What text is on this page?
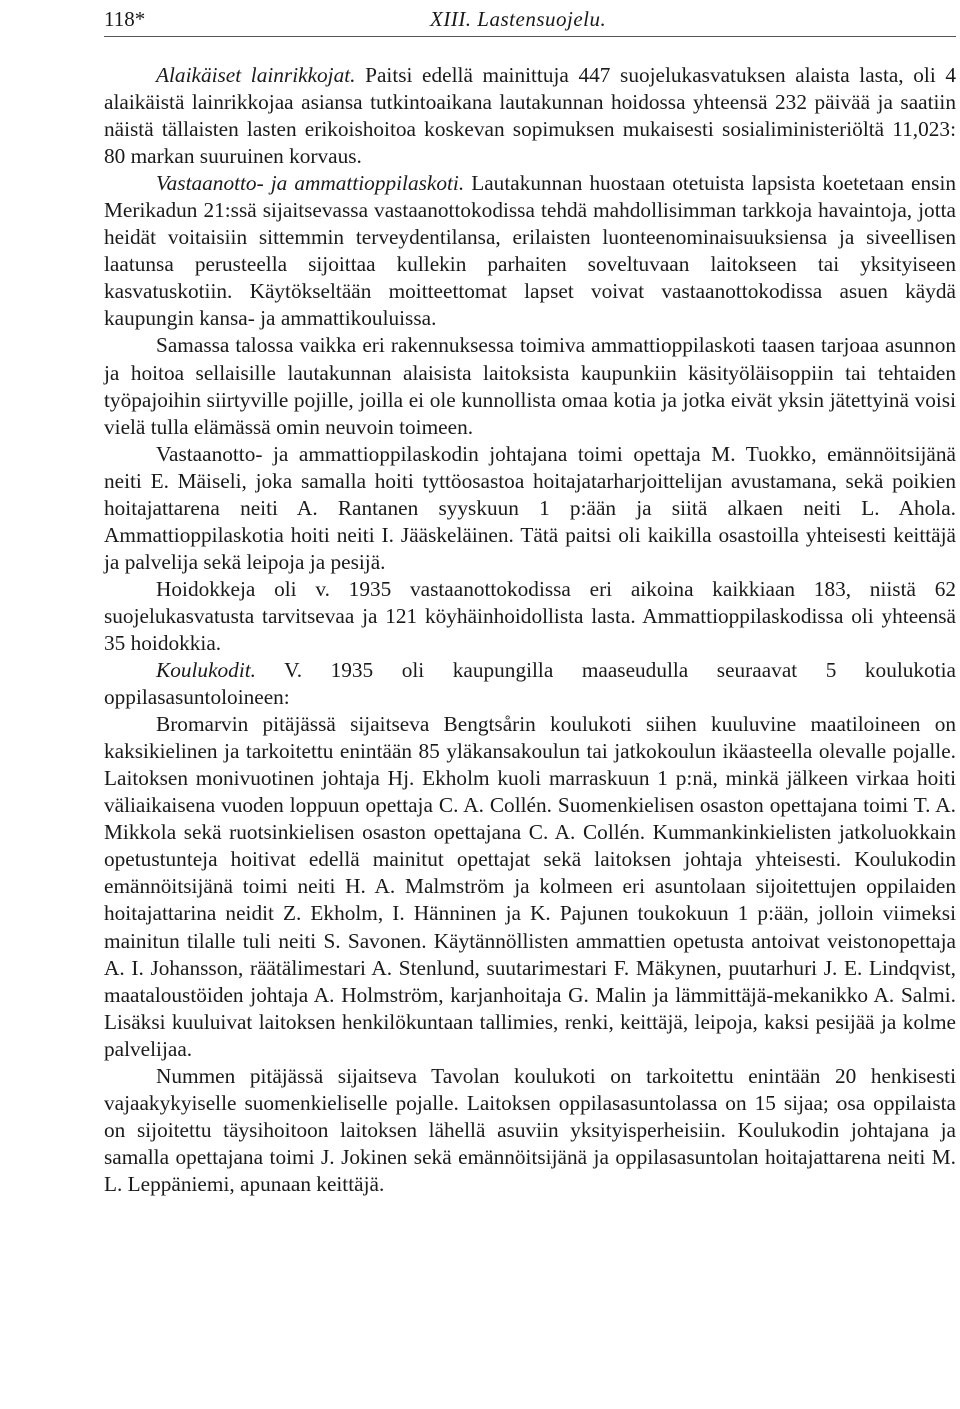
118*	XIII. Lastensuojelu.

Alaikäiset lainrikkojat. Paitsi edellä mainittuja 447 suojelukasvatuksen alaista lasta, oli 4 alaikäistä lainrikkojaa asiansa tutkintoaikana lautakunnan hoidossa yhteensä 232 päivää ja saatiin näistä tällaisten lasten erikoishoitoa koskevan sopimuksen mukaisesti sosialiministeriöltä 11,023: 80 markan suuruinen korvaus.

Vastaanotto- ja ammattioppilaskoti. Lautakunnan huostaan otetuista lapsista koetetaan ensin Merikadun 21:ssä sijaitsevassa vastaanottokodissa tehdä mahdollisimman tarkkoja havaintoja, jotta heidät voitaisiin sittemmin terveydentilansa, erilaisten luonteenominaisuuksiensa ja siveellisen laatunsa perusteella sijoittaa kullekin parhaiten soveltuvaan laitokseen tai yksityiseen kasvatuskotiin. Käytökseltään moitteettomat lapset voivat vastaanottokodissa asuen käydä kaupungin kansa- ja ammattikouluissa.

Samassa talossa vaikka eri rakennuksessa toimiva ammattioppilaskoti taasen tarjoaa asunnon ja hoitoa sellaisille lautakunnan alaisista laitoksista kaupunkiin käsityöläisoppiin tai tehtaiden työpajoihin siirtyville pojille, joilla ei ole kunnollista omaa kotia ja jotka eivät yksin jätettyinä voisi vielä tulla elämässä omin neuvoin toimeen.

Vastaanotto- ja ammattioppilaskodin johtajana toimi opettaja M. Tuokko, emännöitsijänä neiti E. Mäiseli, joka samalla hoiti tyttöosastoa hoitajatarharjoittelijan avustamana, sekä poikien hoitajattarena neiti A. Rantanen syyskuun 1 p:ään ja siitä alkaen neiti L. Ahola. Ammattioppilaskotia hoiti neiti I. Jääskeläinen. Tätä paitsi oli kaikilla osastoilla yhteisesti keittäjä ja palvelija sekä leipoja ja pesijä.

Hoidokkeja oli v. 1935 vastaanottokodissa eri aikoina kaikkiaan 183, niistä 62 suojelukasvatusta tarvitsevaa ja 121 köyhäinhoidollista lasta. Ammattioppilaskodissa oli yhteensä 35 hoidokkia.

Koulukodit. V. 1935 oli kaupungilla maaseudulla seuraavat 5 koulukotia oppilasasuntoloineen:

Bromarvin pitäjässä sijaitseva Bengtsårin koulukoti siihen kuuluvine maatiloineen on kaksikielinen ja tarkoitettu enintään 85 yläkansakoulun tai jatkokoulun ikäasteella olevalle pojalle. Laitoksen monivuotinen johtaja Hj. Ekholm kuoli marraskuun 1 p:nä, minkä jälkeen virkaa hoiti väliaikaisena vuoden loppuun opettaja C. A. Collén. Suomenkielisen osaston opettajana toimi T. A. Mikkola sekä ruotsinkielisen osaston opettajana C. A. Collén. Kummankinkielisten jatkoluokkain opetustunteja hoitivat edellä mainitut opettajat sekä laitoksen johtaja yhteisesti. Koulukodin emännöitsijänä toimi neiti H. A. Malmström ja kolmeen eri asuntolaan sijoitettujen oppilaiden hoitajattarina neidit Z. Ekholm, I. Hänninen ja K. Pajunen toukokuun 1 p:ään, jolloin viimeksi mainitun tilalle tuli neiti S. Savonen. Käytännöllisten ammattien opetusta antoivat veistonopettaja A. I. Johansson, räätälimestari A. Stenlund, suutarimestari F. Mäkynen, puutarhuri J. E. Lindqvist, maataloustöiden johtaja A. Holmström, karjanhoitaja G. Malin ja lämmittäjä-mekanikko A. Salmi. Lisäksi kuuluivat laitoksen henkilökuntaan tallimies, renki, keittäjä, leipoja, kaksi pesijää ja kolme palvelijaa.

Nummen pitäjässä sijaitseva Tavolan koulukoti on tarkoitettu enintään 20 henkisesti vajaakykyiselle suomenkieliselle pojalle. Laitoksen oppilasasuntolassa on 15 sijaa; osa oppilaista on sijoitettu täysihoitoon laitoksen lähellä asuviin yksityisperheisiin. Koulukodin johtajana ja samalla opettajana toimi J. Jokinen sekä emännöitsijänä ja oppilasasuntolan hoitajattarena neiti M. L. Leppäniemi, apunaan keittäjä.
